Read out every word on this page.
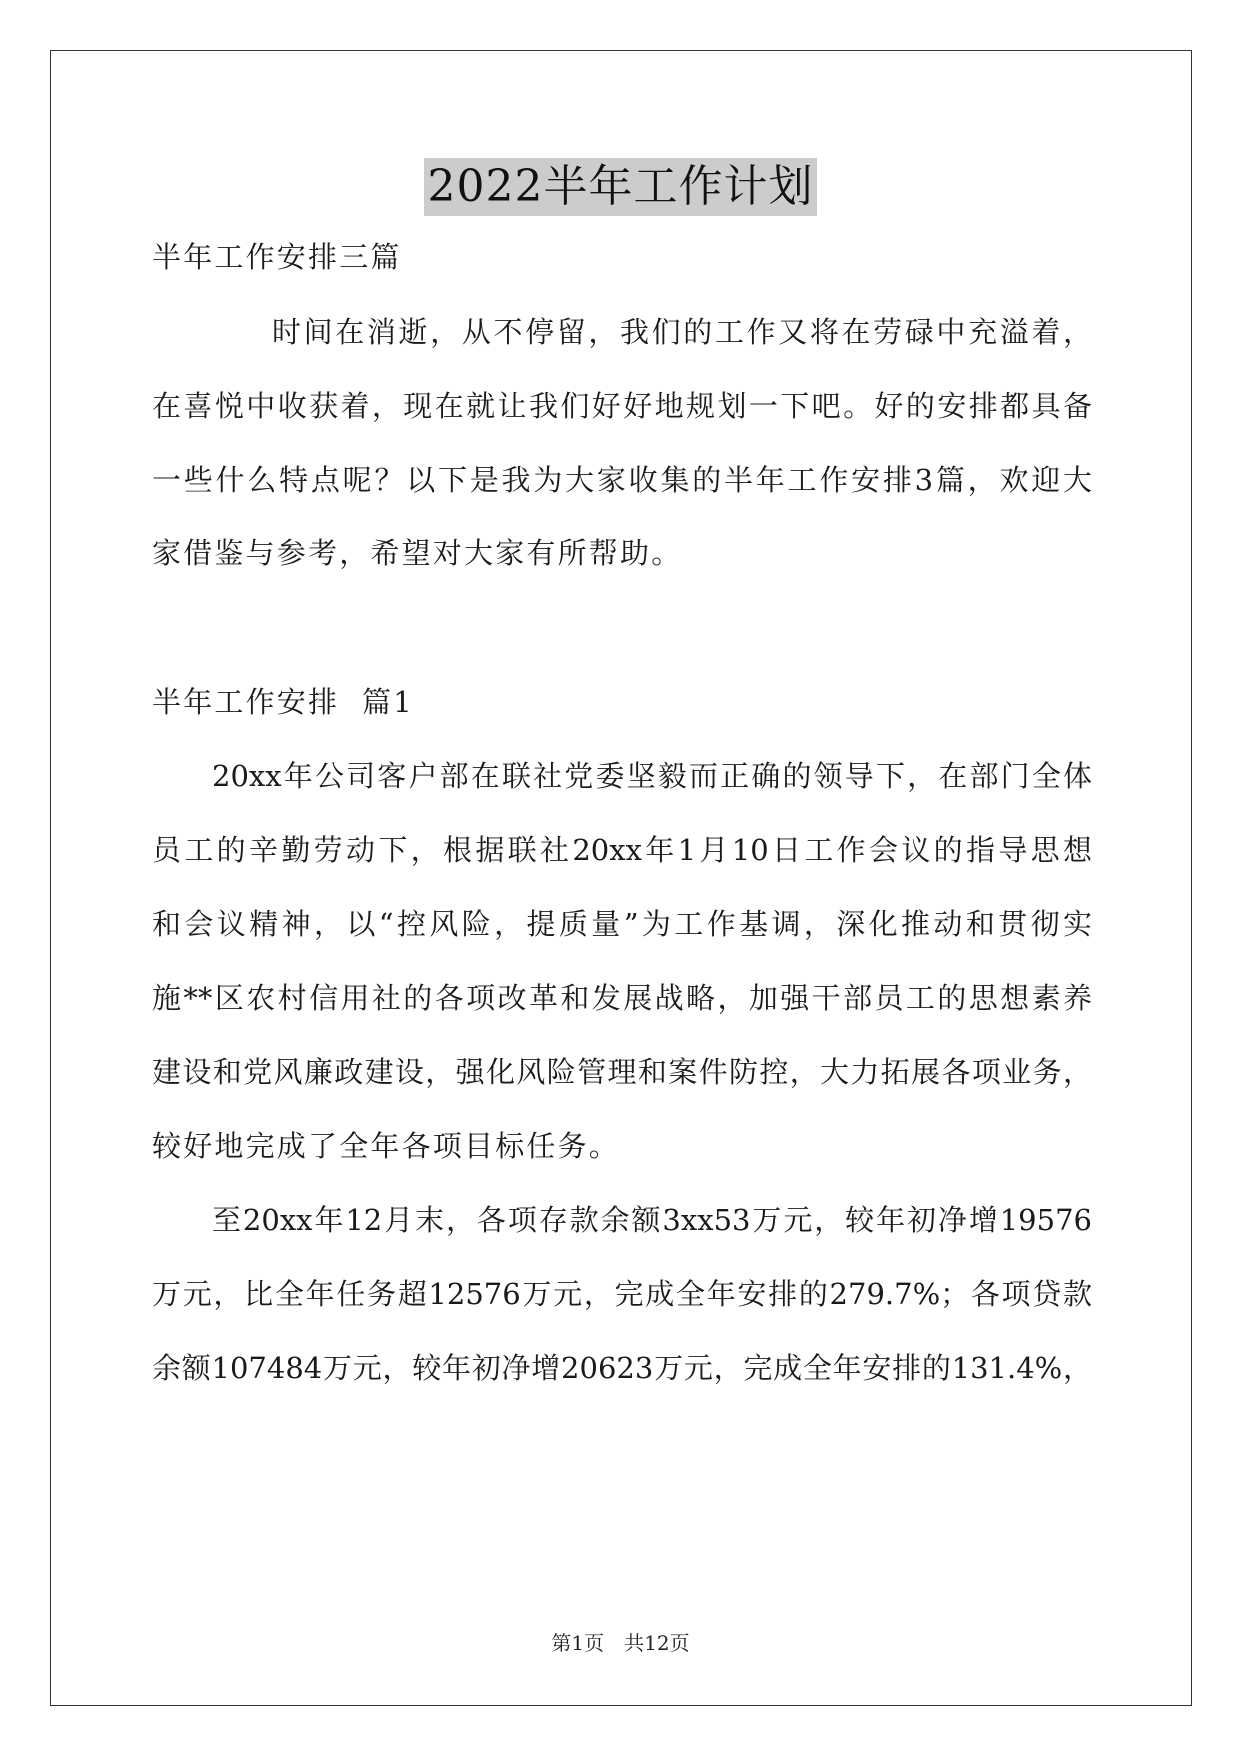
2022半年工作计划
半年工作安排三篇
时间在消逝，从不停留，我们的工作又将在劳碌中充溢着，
在喜悦中收获着，现在就让我们好好地规划一下吧。好的安排都具备
一些什么特点呢？以下是我为大家收集的半年工作安排3篇，欢迎大
家借鉴与参考，希望对大家有所帮助。
半年工作安排  篇1
20xx年公司客户部在联社党委坚毅而正确的领导下，在部门全体
员工的辛勤劳动下，根据联社20xx年1月10日工作会议的指导思想
和会议精神，以“控风险，提质量”为工作基调，深化推动和贯彻实
施**区农村信用社的各项改革和发展战略，加强干部员工的思想素养
建设和党风廉政建设，强化风险管理和案件防控，大力拓展各项业务，
较好地完成了全年各项目标任务。
至20xx年12月末，各项存款余额3xx53万元，较年初净增19576
万元，比全年任务超12576万元，完成全年安排的279.7%；各项贷款
余额107484万元，较年初净增20623万元，完成全年安排的131.4%，
第1页 共12页
